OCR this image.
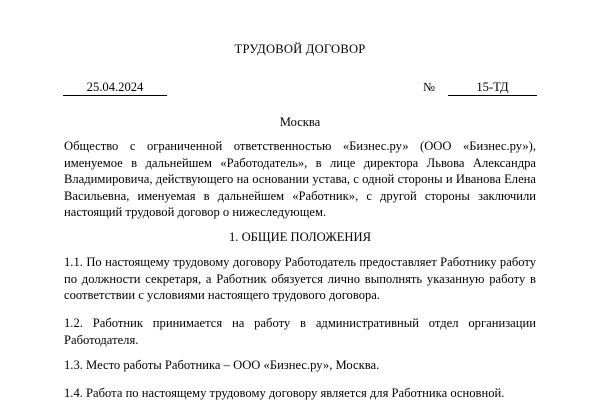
ТРУДОВОЙ ДОГОВОР
25.04.2024	№	15-ТД
Москва

Общество с ограниченной ответственностью «Бизнес.ру» (ООО «Бизнес.ру»), именуемое в дальнейшем «Работодатель», в лице директора Львова Александра Владимировича, действующего на основании устава, с одной стороны и Иванова Елена Васильевна, именуемая в дальнейшем «Работник», с другой стороны заключили настоящий трудовой договор о нижеследующем.

1. ОБЩИЕ ПОЛОЖЕНИЯ

1.1. По настоящему трудовому договору Работодатель предоставляет Работнику работу по должности секретаря, а Работник обязуется лично выполнять указанную работу в соответствии с условиями настоящего трудового договора.

1.2. Работник принимается на работу в административный отдел организации Работодателя.

1.3. Место работы Работника – ООО «Бизнес.ру», Москва.

1.4. Работа по настоящему трудовому договору является для Работника основной.
